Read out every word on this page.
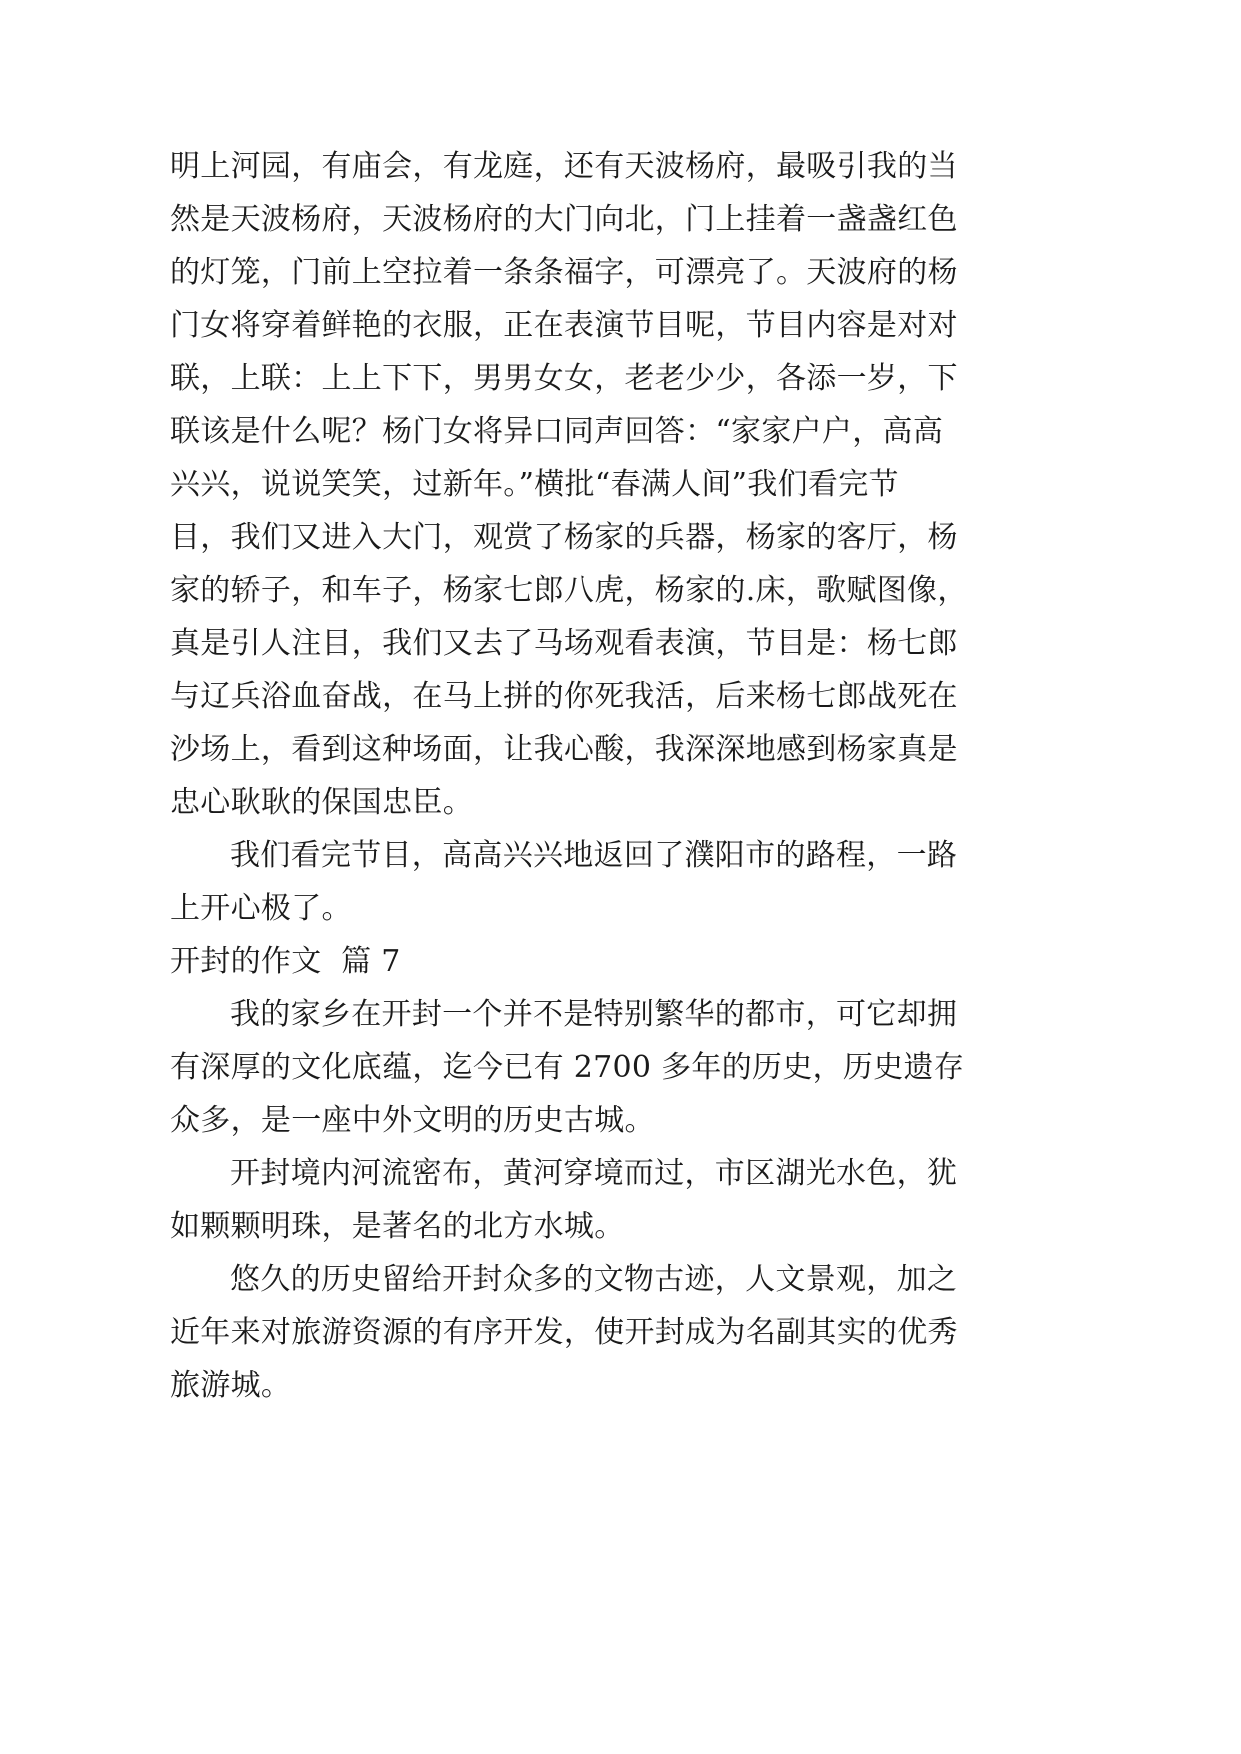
明上河园，有庙会，有龙庭，还有天波杨府，最吸引我的当
然是天波杨府，天波杨府的大门向北，门上挂着一盏盏红色
的灯笼，门前上空拉着一条条福字，可漂亮了。天波府的杨
门女将穿着鲜艳的衣服，正在表演节目呢，节目内容是对对
联，上联：上上下下，男男女女，老老少少，各添一岁，下
联该是什么呢？杨门女将异口同声回答：“家家户户，高高
兴兴，说说笑笑，过新年。”横批“春满人间”我们看完节
目，我们又进入大门，观赏了杨家的兵器，杨家的客厅，杨
家的轿子，和车子，杨家七郎八虎，杨家的.床，歌赋图像，
真是引人注目，我们又去了马场观看表演，节目是：杨七郎
与辽兵浴血奋战，在马上拼的你死我活，后来杨七郎战死在
沙场上，看到这种场面，让我心酸，我深深地感到杨家真是
忠心耿耿的保国忠臣。
我们看完节目，高高兴兴地返回了濮阳市的路程，一路
上开心极了。
开封的作文  篇 7
我的家乡在开封一个并不是特别繁华的都市，可它却拥
有深厚的文化底蕴，迄今已有 2700 多年的历史，历史遗存
众多，是一座中外文明的历史古城。
开封境内河流密布，黄河穿境而过，市区湖光水色，犹
如颗颗明珠，是著名的北方水城。
悠久的历史留给开封众多的文物古迹，人文景观，加之
近年来对旅游资源的有序开发，使开封成为名副其实的优秀
旅游城。
